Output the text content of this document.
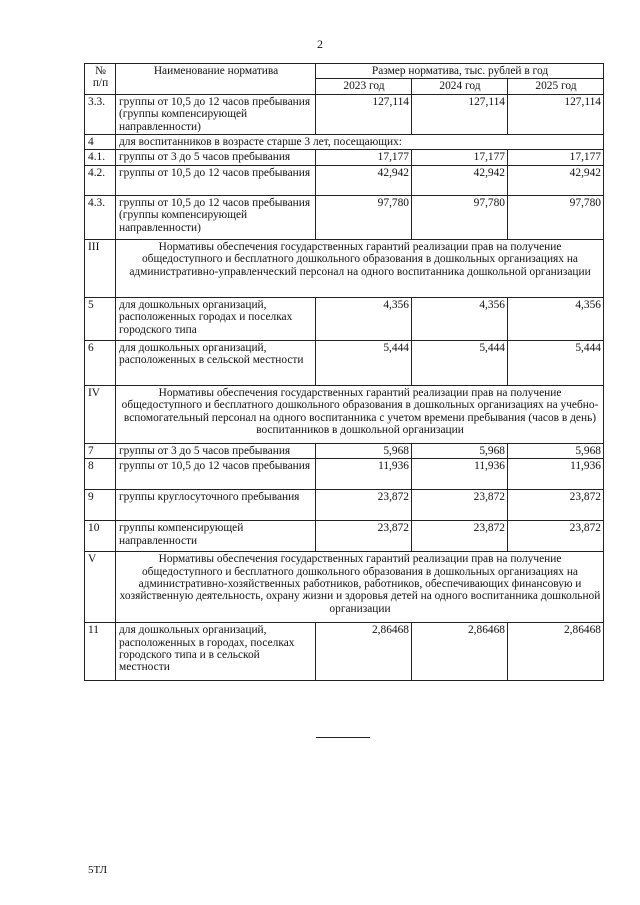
2
№
п/п	Наименование норматива	Размер норматива, тыс. рублей в год		
		2023 год	2024 год	2025 год
3.3.	группы от 10,5 до 12 часов пребывания (группы компенсирующей направленности)	127,114	127,114	127,114
4	для воспитанников в возрасте старше 3 лет, посещающих:			
4.1.	группы от 3 до 5 часов пребывания	17,177	17,177	17,177
4.2.	группы от 10,5 до 12 часов пребывания	42,942	42,942	42,942
4.3.	группы от 10,5 до 12 часов пребывания (группы компенсирующей направленности)	97,780	97,780	97,780
III	Нормативы обеспечения государственных гарантий реализации прав на получение общедоступного и бесплатного дошкольного образования в дошкольных организациях на административно-управленческий персонал на одного воспитанника дошкольной организации			
5	для дошкольных организаций, расположенных городах и поселках городского типа	4,356	4,356	4,356
6	для дошкольных организаций, расположенных в сельской местности	5,444	5,444	5,444
IV	Нормативы обеспечения государственных гарантий реализации прав на получение общедоступного и бесплатного дошкольного образования в дошкольных организациях на учебно-вспомогательный персонал на одного воспитанника с учетом времени пребывания (часов в день) воспитанников в дошкольной организации			
7	группы от 3 до 5 часов пребывания	5,968	5,968	5,968
8	группы от 10,5 до 12 часов пребывания	11,936	11,936	11,936
9	группы круглосуточного пребывания	23,872	23,872	23,872
10	группы компенсирующей направленности	23,872	23,872	23,872
V	Нормативы обеспечения государственных гарантий реализации прав на получение общедоступного и бесплатного дошкольного образования в дошкольных организациях на административно-хозяйственных работников, работников, обеспечивающих финансовую и хозяйственную деятельность, охрану жизни и здоровья детей на одного воспитанника дошкольной организации			
11	для дошкольных организаций, расположенных в городах, поселках городского типа и в сельской местности	2,86468	2,86468	2,86468
5ТЛ
